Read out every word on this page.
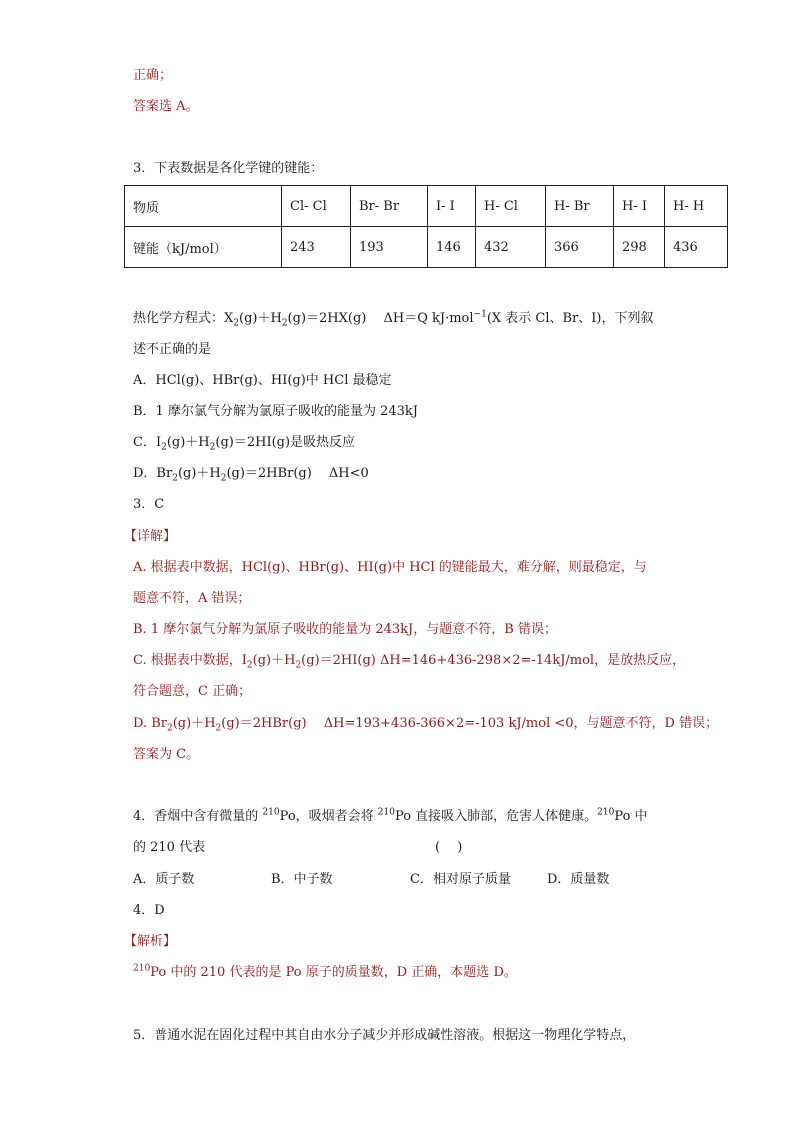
正确；
答案选 A。
3．下表数据是各化学键的键能：
物质	Cl- Cl	Br- Br	I- I	H- Cl	H- Br	H- I	H- H
键能（kJ/mol）	243	193	146	432	366	298	436
热化学方程式：$X_2(g)+H_2(g)=2HX(g)$　 ΔH＝Q kJ·mol$^{-1}$(X 表示 Cl、Br、I)，下列叙
述不正确的是
A．HCl(g)、HBr(g)、HI(g)中 HCl 最稳定
B．1 摩尔氯气分解为氯原子吸收的能量为 243kJ
C．$I_2(g)+H_2(g)=2HI(g)$是吸热反应
D．$Br_2(g)+H_2(g)=2HBr(g)$　 ΔH<0
3．C
【详解】
A. 根据表中数据，HCl(g)、HBr(g)、HI(g)中 HCl 的键能最大，难分解，则最稳定，与
题意不符，A 错误；
B. 1 摩尔氯气分解为氯原子吸收的能量为 243kJ，与题意不符，B 错误；
C. 根据表中数据，$I_2(g)+H_2(g)=2HI(g)$ ΔH=146+436-298×2=-14kJ/mol，是放热反应，
符合题意，C 正确；
D. $Br_2(g)+H_2(g)=2HBr(g)$　 ΔH=193+436-366×2=-103 kJ/mol <0，与题意不符，D 错误；
答案为 C。
4．香烟中含有微量的 $^{210}$Po，吸烟者会将 $^{210}$Po 直接吸入肺部，危害人体健康。$^{210}$Po 中
的 210 代表	(　 )
A．质子数	B．中子数	C．相对原子质量	D．质量数
4．D
【解析】
$^{210}$Po 中的 210 代表的是 Po 原子的质量数，D 正确，本题选 D。
5．普通水泥在固化过程中其自由水分子减少并形成碱性溶液。根据这一物理化学特点，
